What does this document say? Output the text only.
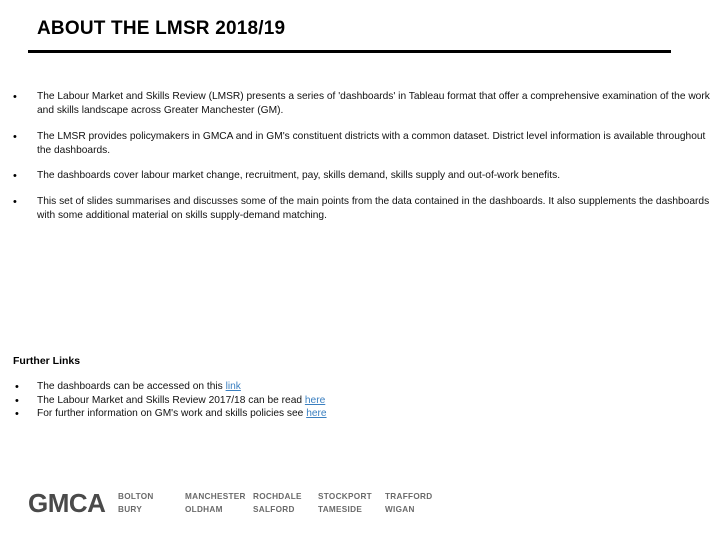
ABOUT THE LMSR 2018/19
• The Labour Market and Skills Review (LMSR) presents a series of 'dashboards' in Tableau format that offer a comprehensive examination of the work and skills landscape across Greater Manchester (GM).
• The LMSR provides policymakers in GMCA and in GM's constituent districts with a common dataset. District level information is available throughout the dashboards.
• The dashboards cover labour market change, recruitment, pay, skills demand, skills supply and out-of-work benefits.
• This set of slides summarises and discusses some of the main points from the data contained in the dashboards. It also supplements the dashboards with some additional material on skills supply-demand matching.
Further Links
• The dashboards can be accessed on this link
• The Labour Market and Skills Review 2017/18 can be read here
• For further information on GM's work and skills policies see here
GMCA BOLTON
BURY
MANCHESTER
OLDHAM
ROCHDALE
SALFORD
STOCKPORT
TAMESIDE
TRAFFORD
WIGAN
